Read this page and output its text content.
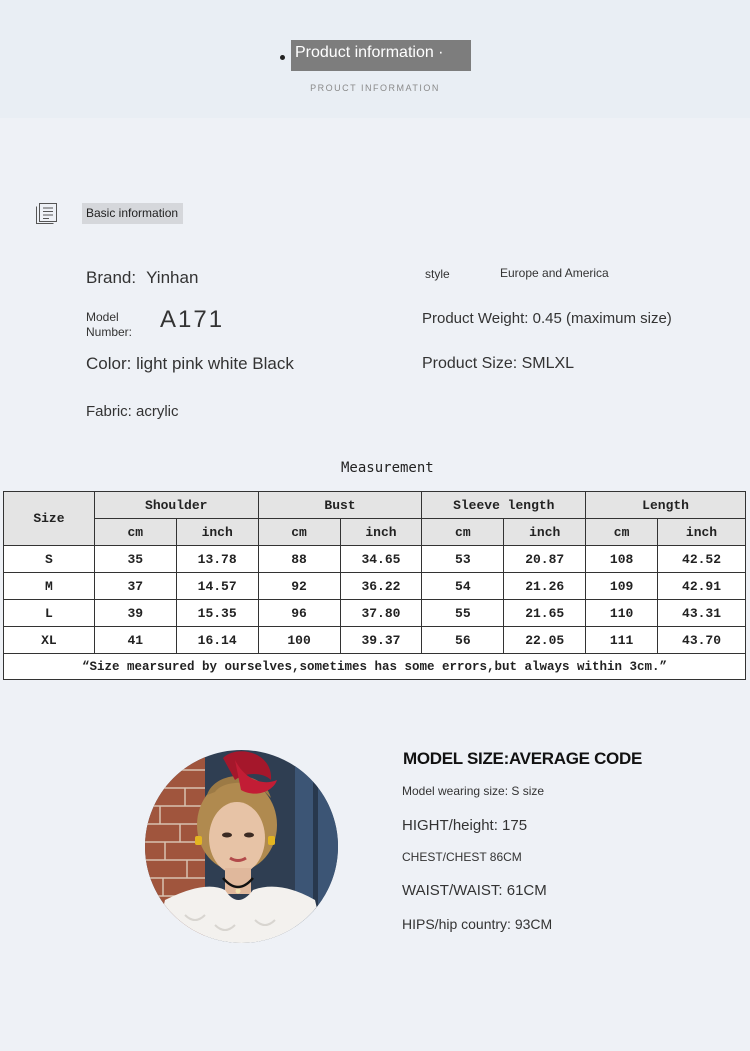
Product information ·
PROUCT INFORMATION
Basic information
Brand: Yinhan	style	Europe and America
Model Number:	A171	Product Weight: 0.45 (maximum size)
Color: light pink white Black	Product Size: SMLXL
Fabric: acrylic
Measurement
Size	Shoulder		Bust		Sleeve length		Length	
	cm	inch	cm	inch	cm	inch	cm	inch
S	35	13.78	88	34.65	53	20.87	108	42.52
M	37	14.57	92	36.22	54	21.26	109	42.91
L	39	15.35	96	37.80	55	21.65	110	43.31
XL	41	16.14	100	39.37	56	22.05	111	43.70
“Size mearsured by ourselves,sometimes has some errors,but always within 3cm.”								
MODEL SIZE:AVERAGE CODE
Model wearing size: S size
HIGHT/height: 175
CHEST/CHEST 86CM
WAIST/WAIST: 61CM
HIPS/hip country: 93CM
